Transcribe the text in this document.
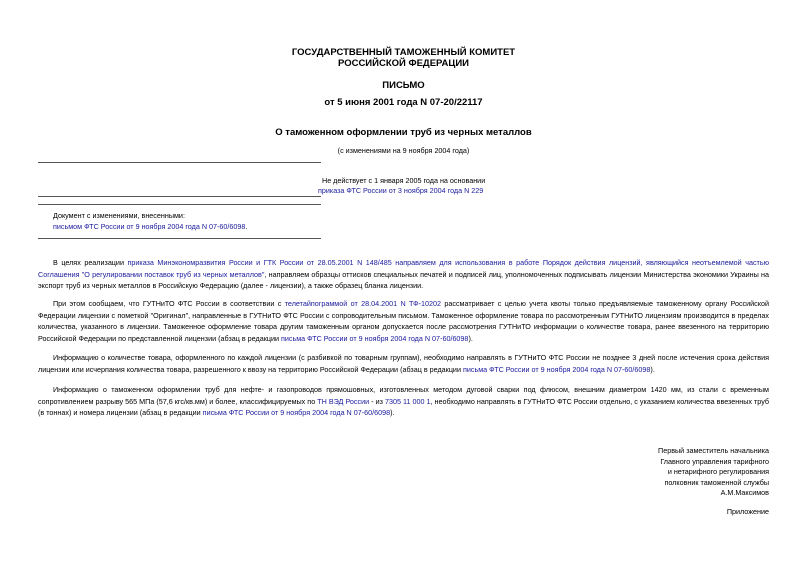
ГОСУДАРСТВЕННЫЙ ТАМОЖЕННЫЙ КОМИТЕТ
РОССИЙСКОЙ ФЕДЕРАЦИИ
ПИСЬМО
от 5 июня 2001 года N 07-20/22117
О таможенном оформлении труб из черных металлов
(с изменениями на 9 ноября 2004 года)
Не действует с 1 января 2005 года на основании
приказа ФТС России от 3 ноября 2004 года N 229
Документ с изменениями, внесенными:
письмом ФТС России от 9 ноября 2004 года N 07-60/6098.
В целях реализации приказа Минэкономразвития России и ГТК России от 28.05.2001 N 148/485 направляем для использования в работе Порядок действия лицензий, являющийся неотъемлемой частью Соглашения "О регулировании поставок труб из черных металлов", направляем образцы оттисков специальных печатей и подписей лиц, уполномоченных подписывать лицензии Министерства экономики Украины на экспорт труб из черных металлов в Российскую Федерацию (далее - лицензии), а также образец бланка лицензии.
При этом сообщаем, что ГУТНиТО ФТС России в соответствии с телетайпограммой от 28.04.2001 N ТФ-10202 рассматривает с целью учета квоты только предъявляемые таможенному органу Российской Федерации лицензии с пометкой "Оригинал", направленные в ГУТНиТО ФТС России с сопроводительным письмом. Таможенное оформление товара по рассмотренным ГУТНиТО лицензиям производится в пределах количества, указанного в лицензии. Таможенное оформление товара другим таможенным органом допускается после рассмотрения ГУТНиТО информации о количестве товара, ранее ввезенного на территорию Российской Федерации по представленной лицензии (абзац в редакции письма ФТС России от 9 ноября 2004 года N 07-60/6098).
Информацию о количестве товара, оформленного по каждой лицензии (с разбивкой по товарным группам), необходимо направлять в ГУТНиТО ФТС России не позднее 3 дней после истечения срока действия лицензии или исчерпания количества товара, разрешенного к ввозу на территорию Российской Федерации (абзац в редакции письма ФТС России от 9 ноября 2004 года N 07-60/6098).
Информацию о таможенном оформлении труб для нефте- и газопроводов прямошовных, изготовленных методом дуговой сварки под флюсом, внешним диаметром 1420 мм, из стали с временным сопротивлением разрыву 565 МПа (57,6 кгс/кв.мм) и более, классифицируемых по ТН ВЭД России - из 7305 11 000 1, необходимо направлять в ГУТНиТО ФТС России отдельно, с указанием количества ввезенных труб (в тоннах) и номера лицензии (абзац в редакции письма ФТС России от 9 ноября 2004 года N 07-60/6098).
Первый заместитель начальника
Главного управления тарифного
и нетарифного регулирования
полковник таможенной службы
А.М.Максимов
Приложение
